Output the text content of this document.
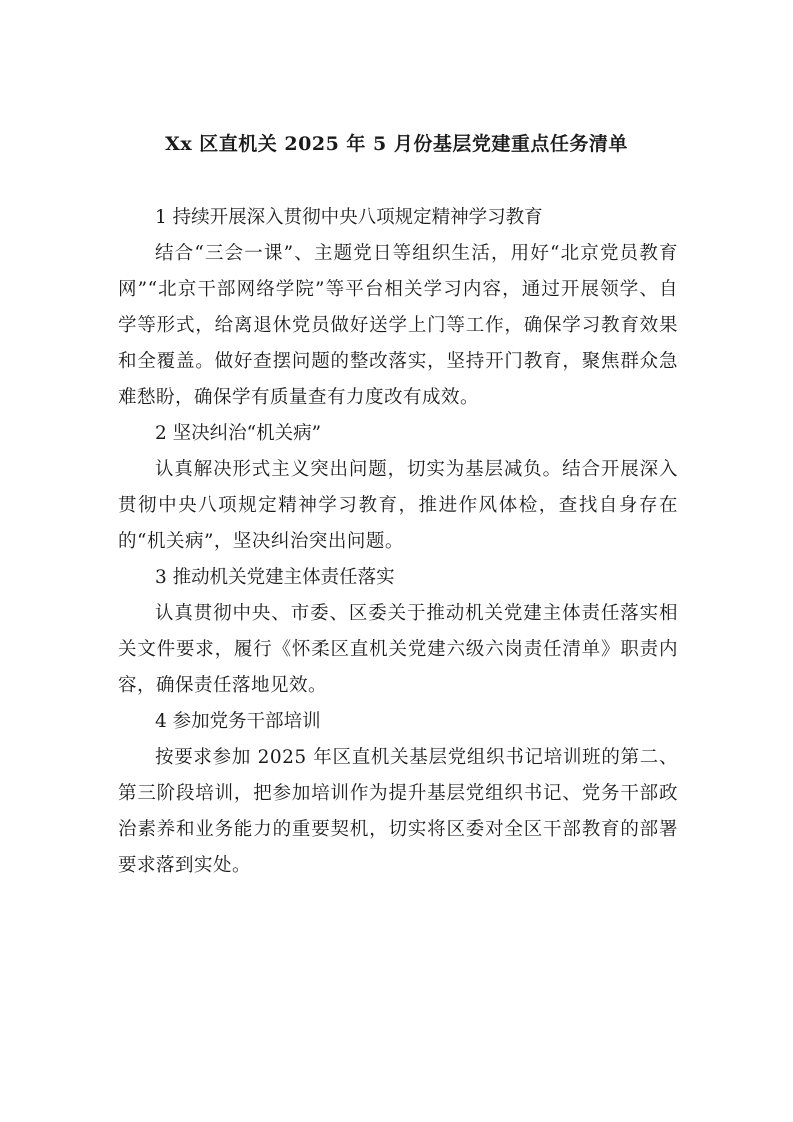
Xx 区直机关 2025 年 5 月份基层党建重点任务清单

1 持续开展深入贯彻中央八项规定精神学习教育

结合“三会一课”、主题党日等组织生活，用好“北京党员教育网”“北京干部网络学院”等平台相关学习内容，通过开展领学、自学等形式，给离退休党员做好送学上门等工作，确保学习教育效果和全覆盖。做好查摆问题的整改落实，坚持开门教育，聚焦群众急难愁盼，确保学有质量查有力度改有成效。

2 坚决纠治“机关病”

认真解决形式主义突出问题，切实为基层减负。结合开展深入贯彻中央八项规定精神学习教育，推进作风体检，查找自身存在的“机关病”，坚决纠治突出问题。

3 推动机关党建主体责任落实

认真贯彻中央、市委、区委关于推动机关党建主体责任落实相关文件要求，履行《怀柔区直机关党建六级六岗责任清单》职责内容，确保责任落地见效。

4 参加党务干部培训

按要求参加 2025 年区直机关基层党组织书记培训班的第二、第三阶段培训，把参加培训作为提升基层党组织书记、党务干部政治素养和业务能力的重要契机，切实将区委对全区干部教育的部署要求落到实处。
